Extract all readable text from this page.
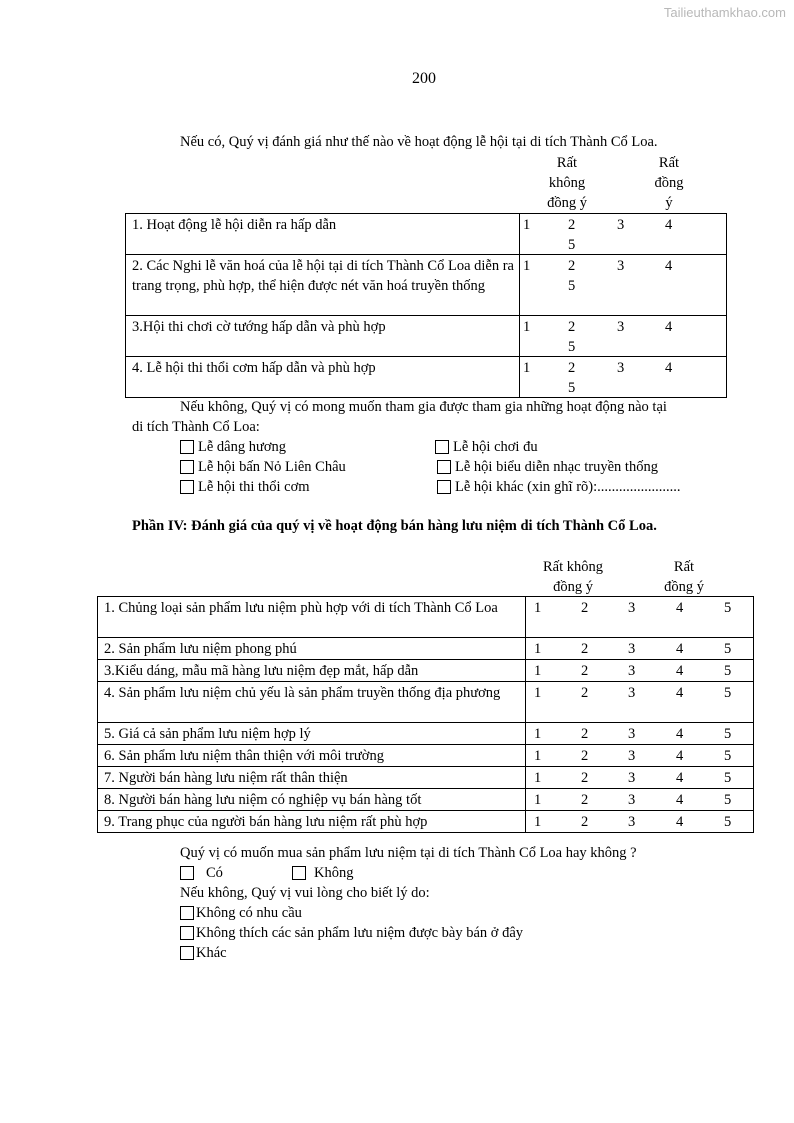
Tailieuthamkhao.com
200
Nếu có, Quý vị đánh giá như thế nào về hoạt động lễ hội tại di tích Thành Cổ Loa.
Rất
không
đồng ý
Rất
đồng
ý
1. Hoạt động lễ hội diễn ra hấp dẫn	1 2 3 4
5

2. Các Nghi lễ văn hoá của lễ hội tại di tích Thành Cổ Loa diễn ra trang trọng, phù hợp, thể hiện được nét văn hoá truyền thống	1 2 3 4
5

3.Hội thi chơi cờ tướng hấp dẫn và phù hợp	1 2 3 4
5

4. Lễ hội thi thổi cơm hấp dẫn và phù hợp	1 2 3 4
5
Nếu không, Quý vị có mong muốn tham gia được tham gia những hoạt động nào tại
di tích Thành Cổ Loa:
Lễ dâng hương
Lễ hội bấn Nỏ Liên Châu
Lễ hội thi thổi cơm
Lễ hội chơi đu
Lễ hội biểu diễn nhạc truyền thống
Lễ hội khác (xin ghĩ rõ):.......................
Phần IV: Đánh giá của quý vị về hoạt động bán hàng lưu niệm di tích Thành Cổ Loa.
Rất không
đồng ý
Rất
đồng ý
1. Chủng loại sản phẩm lưu niệm phù hợp với di tích Thành Cổ Loa	1 2 3 4 5

2. Sản phẩm lưu niệm phong phú	1 2 3 4 5

3.Kiểu dáng, mẫu mã hàng lưu niệm đẹp mắt, hấp dẫn	1 2 3 4 5

4. Sản phẩm lưu niệm chủ yếu là sản phẩm truyền thống địa phương	1 2 3 4 5

5. Giá cả sản phẩm lưu niệm hợp lý	1 2 3 4 5

6. Sản phẩm lưu niệm thân thiện với môi trường	1 2 3 4 5

7. Người bán hàng lưu niệm rất thân thiện	1 2 3 4 5

8. Người bán hàng lưu niệm có nghiệp vụ bán hàng tốt	1 2 3 4 5

9. Trang phục của người bán hàng lưu niệm rất phù hợp	1 2 3 4 5
Quý vị có muốn mua sản phẩm lưu niệm tại di tích Thành Cổ Loa hay không ?
Có	Không
Nếu không, Quý vị vui lòng cho biết lý do:
Không có nhu cầu
Không thích các sản phẩm lưu niệm được bày bán ở đây
Khác
